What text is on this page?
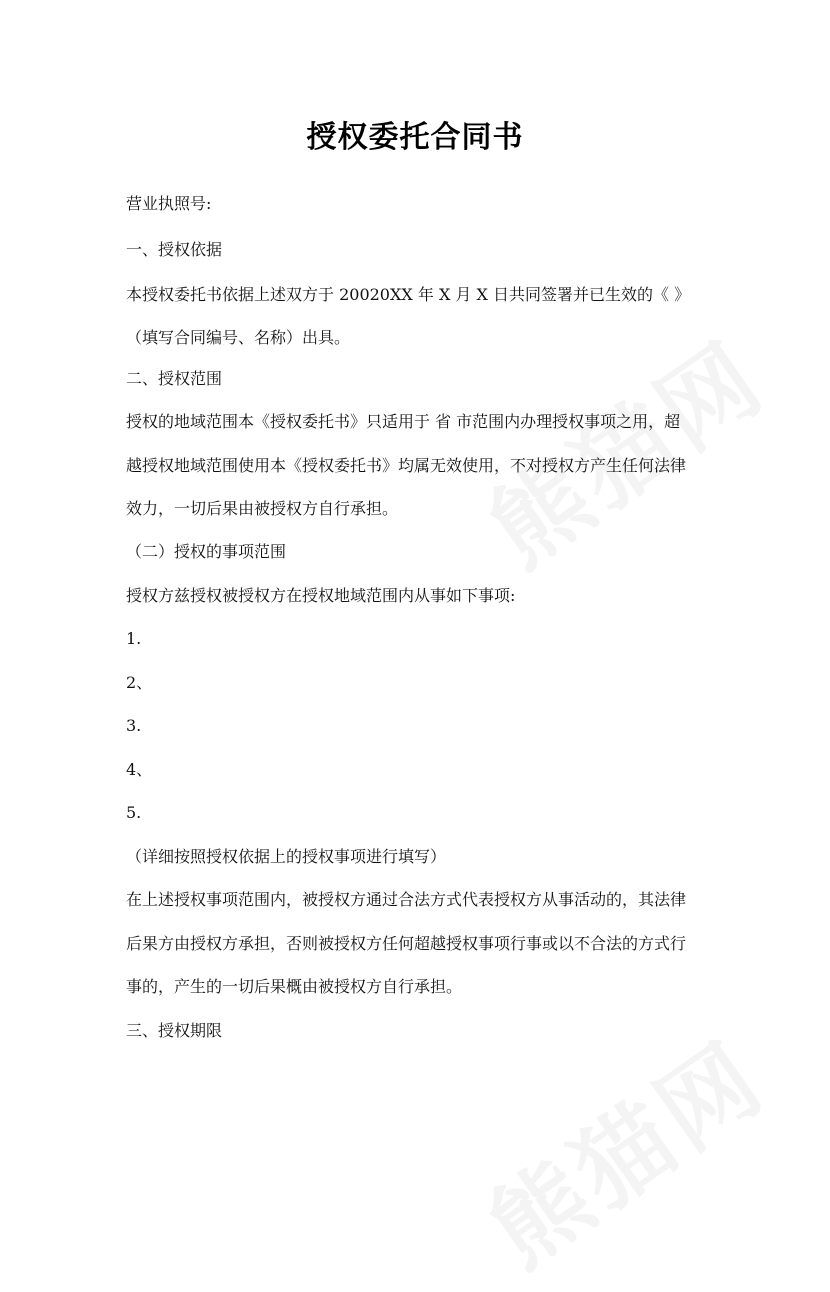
授权委托合同书
营业执照号:
一、授权依据
本授权委托书依据上述双方于 20020XX 年 X 月 X 日共同签署并已生效的《 》
（填写合同编号、名称）出具。
二、授权范围
授权的地域范围本《授权委托书》只适用于 省 市范围内办理授权事项之用，超
越授权地域范围使用本《授权委托书》均属无效使用，不对授权方产生任何法律
效力，一切后果由被授权方自行承担。
（二）授权的事项范围
授权方兹授权被授权方在授权地域范围内从事如下事项:
1.
2、
3.
4、
5.
（详细按照授权依据上的授权事项进行填写）
在上述授权事项范围内，被授权方通过合法方式代表授权方从事活动的，其法律
后果方由授权方承担，否则被授权方任何超越授权事项行事或以不合法的方式行
事的，产生的一切后果概由被授权方自行承担。
三、授权期限
